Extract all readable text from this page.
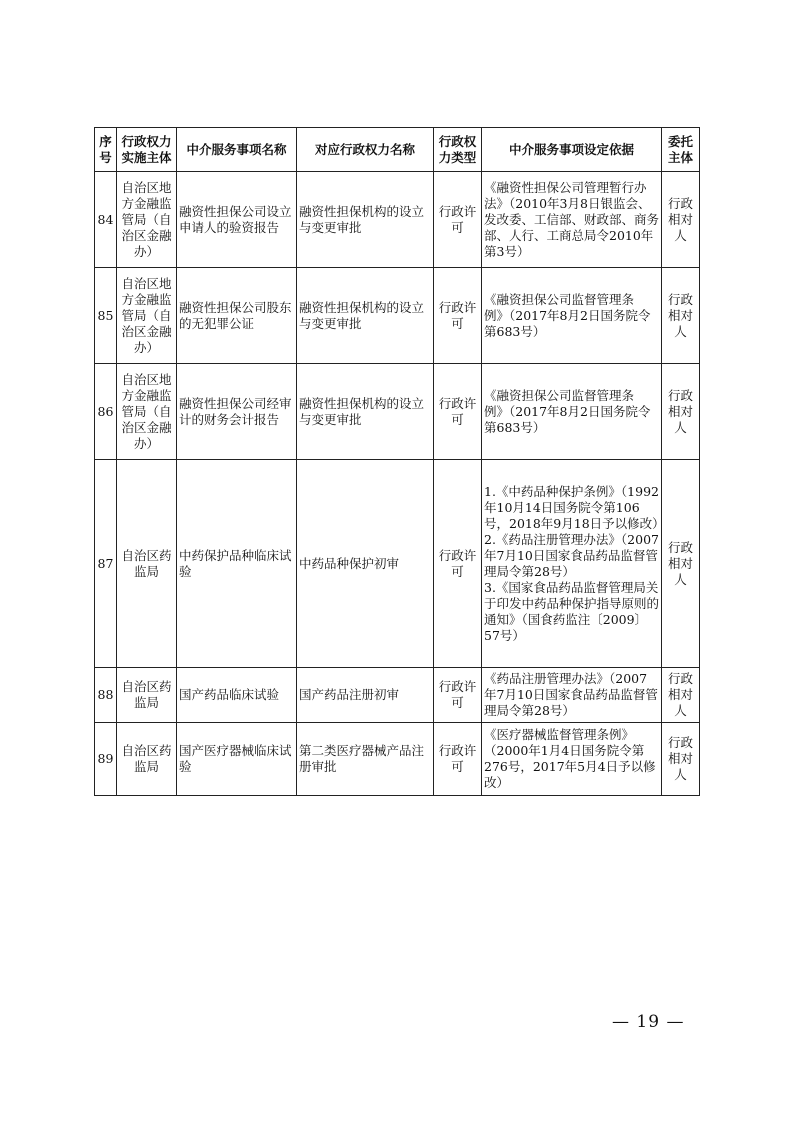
序号	行政权力实施主体	中介服务事项名称	对应行政权力名称	行政权力类型	中介服务事项设定依据	委托主体
84	自治区地方金融监管局（自治区金融办）	融资性担保公司设立申请人的验资报告	融资性担保机构的设立与变更审批	行政许可	《融资性担保公司管理暂行办法》（2010年3月8日银监会、发改委、工信部、财政部、商务部、人行、工商总局令2010年第3号）	行政相对人
85	自治区地方金融监管局（自治区金融办）	融资性担保公司股东的无犯罪公证	融资性担保机构的设立与变更审批	行政许可	《融资担保公司监督管理条例》（2017年8月2日国务院令第683号）	行政相对人
86	自治区地方金融监管局（自治区金融办）	融资性担保公司经审计的财务会计报告	融资性担保机构的设立与变更审批	行政许可	《融资担保公司监督管理条例》（2017年8月2日国务院令第683号）	行政相对人
87	自治区药监局	中药保护品种临床试验	中药品种保护初审	行政许可	1.《中药品种保护条例》（1992年10月14日国务院令第106号，2018年9月18日予以修改）
2.《药品注册管理办法》（2007年7月10日国家食品药品监督管理局令第28号）
3.《国家食品药品监督管理局关于印发中药品种保护指导原则的通知》（国食药监注〔2009〕57号）	行政相对人
88	自治区药监局	国产药品临床试验	国产药品注册初审	行政许可	《药品注册管理办法》（2007年7月10日国家食品药品监督管理局令第28号）	行政相对人
89	自治区药监局	国产医疗器械临床试验	第二类医疗器械产品注册审批	行政许可	《医疗器械监督管理条例》（2000年1月4日国务院令第276号，2017年5月4日予以修改）	行政相对人
— 19 —
